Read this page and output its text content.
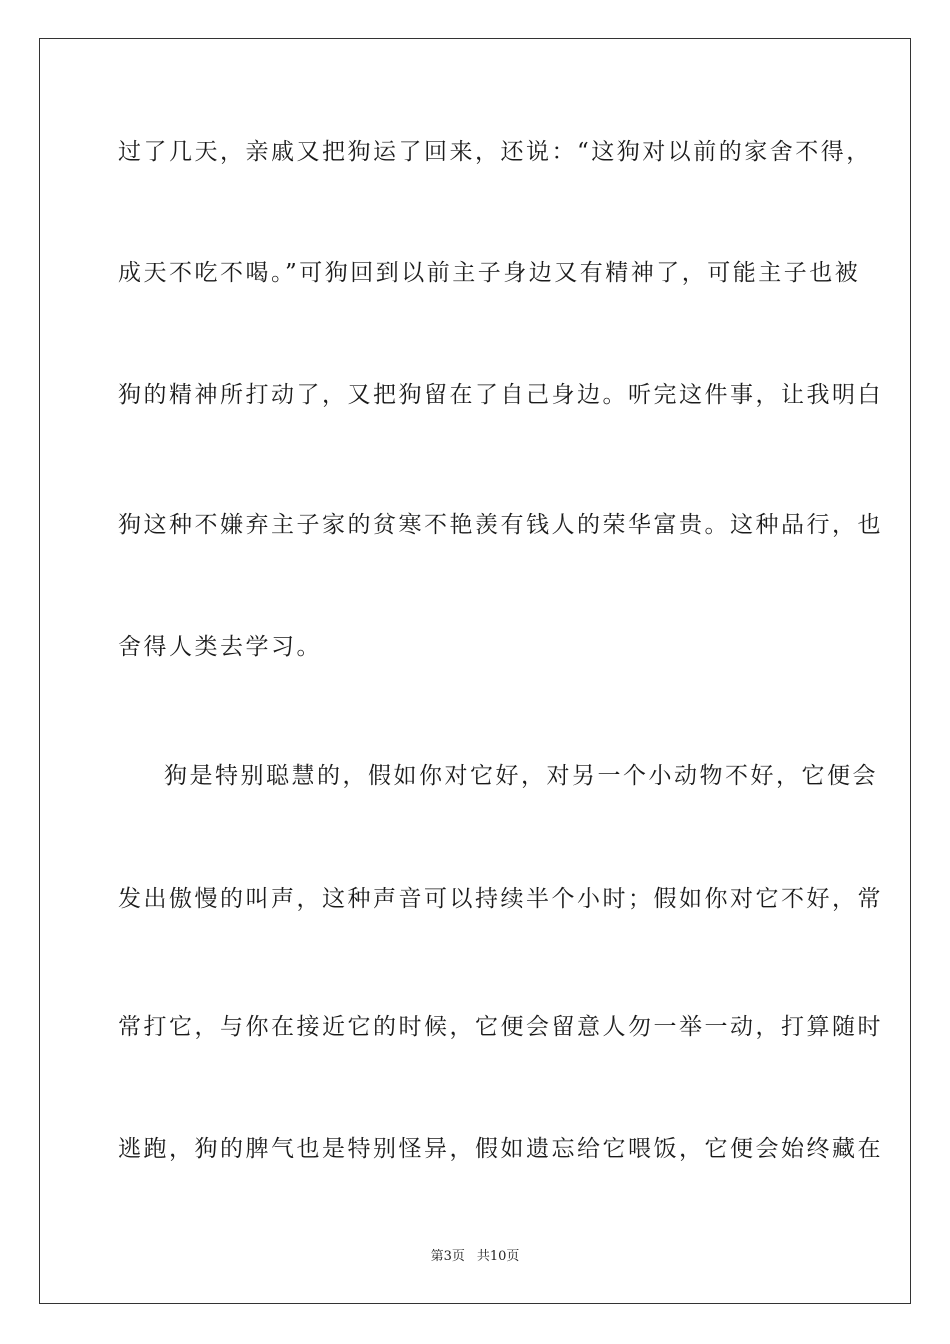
过了几天，亲戚又把狗运了回来，还说：“这狗对以前的家舍不得，
成天不吃不喝。”可狗回到以前主子身边又有精神了，可能主子也被
狗的精神所打动了，又把狗留在了自己身边。听完这件事，让我明白
狗这种不嫌弃主子家的贫寒不艳羡有钱人的荣华富贵。这种品行，也
舍得人类去学习。
狗是特别聪慧的，假如你对它好，对另一个小动物不好，它便会
发出傲慢的叫声，这种声音可以持续半个小时；假如你对它不好，常
常打它，与你在接近它的时候，它便会留意人勿一举一动，打算随时
逃跑，狗的脾气也是特别怪异，假如遗忘给它喂饭，它便会始终藏在
第3页 共10页
